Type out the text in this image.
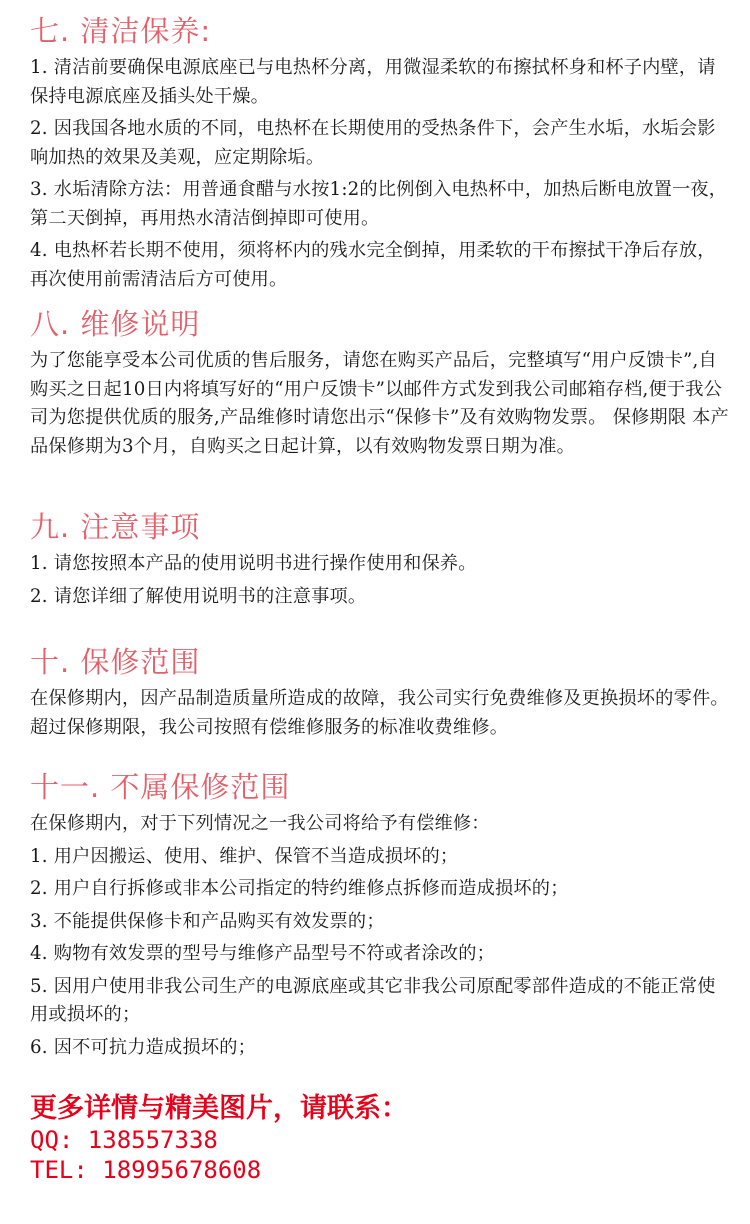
七. 清洁保养:

1. 清洁前要确保电源底座已与电热杯分离，用微湿柔软的布擦拭杯身和杯子内壁，请保持电源底座及插头处干燥。

2. 因我国各地水质的不同，电热杯在长期使用的受热条件下，会产生水垢，水垢会影响加热的效果及美观，应定期除垢。

3. 水垢清除方法：用普通食醋与水按1:2的比例倒入电热杯中，加热后断电放置一夜，第二天倒掉，再用热水清洁倒掉即可使用。

4. 电热杯若长期不使用，须将杯内的残水完全倒掉，用柔软的干布擦拭干净后存放，再次使用前需清洁后方可使用。

八. 维修说明

为了您能享受本公司优质的售后服务，请您在购买产品后，完整填写“用户反馈卡”,自购买之日起10日内将填写好的“用户反馈卡”以邮件方式发到我公司邮箱存档,便于我公司为您提供优质的服务,产品维修时请您出示“保修卡”及有效购物发票。 保修期限 本产品保修期为3个月，自购买之日起计算，以有效购物发票日期为准。

九. 注意事项

1. 请您按照本产品的使用说明书进行操作使用和保养。

2. 请您详细了解使用说明书的注意事项。

十. 保修范围

在保修期内，因产品制造质量所造成的故障，我公司实行免费维修及更换损坏的零件。超过保修期限，我公司按照有偿维修服务的标准收费维修。

十一. 不属保修范围

在保修期内，对于下列情况之一我公司将给予有偿维修：

1. 用户因搬运、使用、维护、保管不当造成损坏的；

2. 用户自行拆修或非本公司指定的特约维修点拆修而造成损坏的；

3. 不能提供保修卡和产品购买有效发票的；

4. 购物有效发票的型号与维修产品型号不符或者涂改的；

5. 因用户使用非我公司生产的电源底座或其它非我公司原配零部件造成的不能正常使用或损坏的；

6. 因不可抗力造成损坏的；

更多详情与精美图片，请联系：

QQ: 138557338

TEL: 18995678608
